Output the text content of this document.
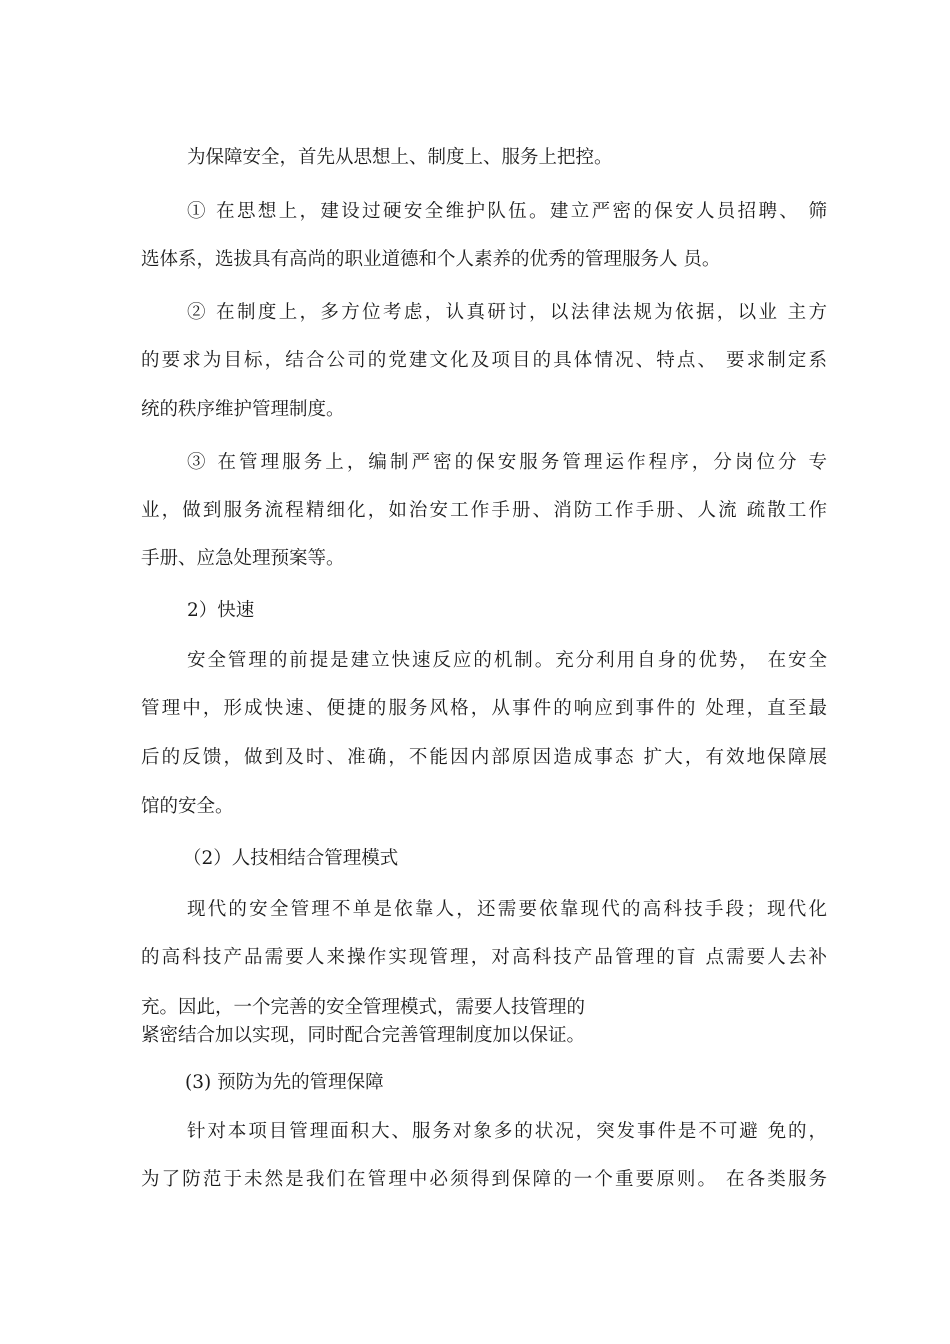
为保障安全，首先从思想上、制度上、服务上把控。
① 在思想上，建设过硬安全维护队伍。建立严密的保安人员招聘、 筛
选体系，选拔具有高尚的职业道德和个人素养的优秀的管理服务人 员。
② 在制度上，多方位考虑，认真研讨，以法律法规为依据，以业 主方
的要求为目标，结合公司的党建文化及项目的具体情况、特点、 要求制定系
统的秩序维护管理制度。
③ 在管理服务上，编制严密的保安服务管理运作程序，分岗位分 专
业，做到服务流程精细化，如治安工作手册、消防工作手册、人流 疏散工作
手册、应急处理预案等。
2）快速
安全管理的前提是建立快速反应的机制。充分利用自身的优势， 在安全
管理中，形成快速、便捷的服务风格，从事件的响应到事件的 处理，直至最
后的反馈，做到及时、准确，不能因内部原因造成事态 扩大，有效地保障展
馆的安全。
（2）人技相结合管理模式
现代的安全管理不单是依靠人，还需要依靠现代的高科技手段；现代化
的高科技产品需要人来操作实现管理，对高科技产品管理的盲 点需要人去补
充。因此，一个完善的安全管理模式，需要人技管理的
紧密结合加以实现，同时配合完善管理制度加以保证。
(3) 预防为先的管理保障
针对本项目管理面积大、服务对象多的状况，突发事件是不可避 免的，
为了防范于未然是我们在管理中必须得到保障的一个重要原则。 在各类服务
